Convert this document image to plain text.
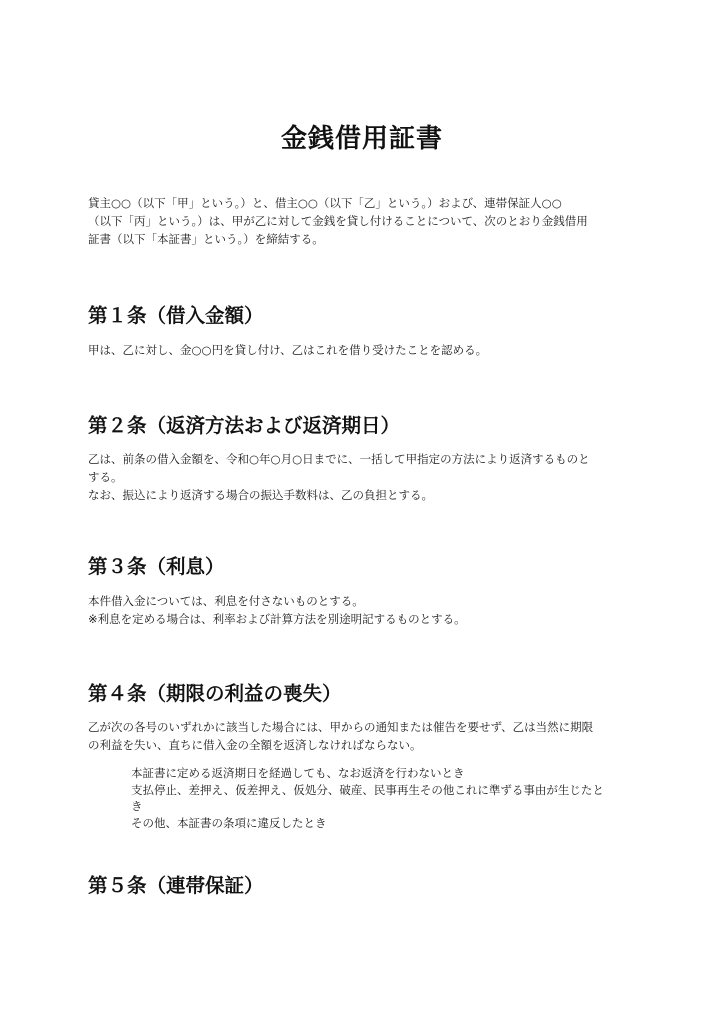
金銭借用証書

貸主○○（以下「甲」という。）と、借主○○（以下「乙」という。）および、連帯保証人○○
（以下「丙」という。）は、甲が乙に対して金銭を貸し付けることについて、次のとおり金銭借用
証書（以下「本証書」という。）を締結する。

第１条（借入金額）

甲は、乙に対し、金○○円を貸し付け、乙はこれを借り受けたことを認める。

第２条（返済方法および返済期日）

乙は、前条の借入金額を、令和○年○月○日までに、一括して甲指定の方法により返済するものと
する。
なお、振込により返済する場合の振込手数料は、乙の負担とする。

第３条（利息）

本件借入金については、利息を付さないものとする。
※利息を定める場合は、利率および計算方法を別途明記するものとする。

第４条（期限の利益の喪失）

乙が次の各号のいずれかに該当した場合には、甲からの通知または催告を要せず、乙は当然に期限
の利益を失い、直ちに借入金の全額を返済しなければならない。

本証書に定める返済期日を経過しても、なお返済を行わないとき
支払停止、差押え、仮差押え、仮処分、破産、民事再生その他これに準ずる事由が生じたと
き
その他、本証書の条項に違反したとき
第５条（連帯保証）
